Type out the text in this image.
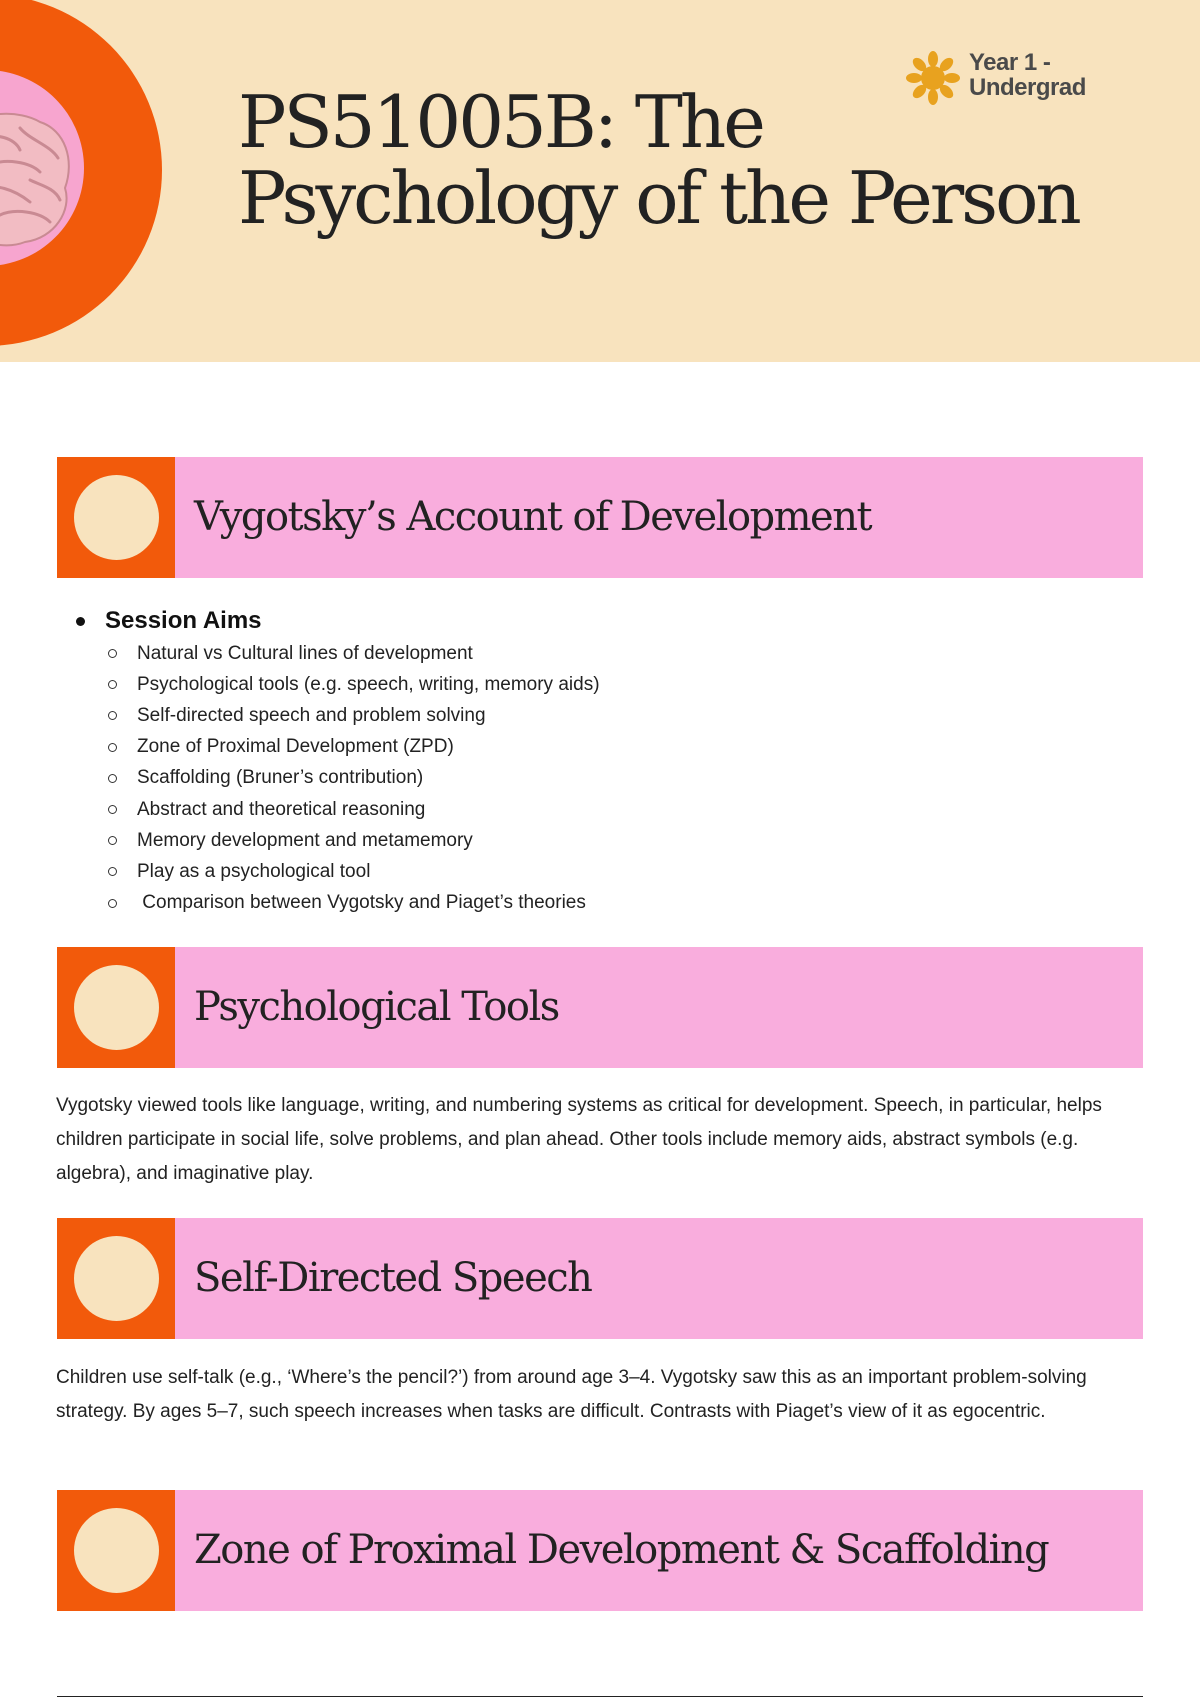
PS51005B: The Psychology of the Person
Year 1 - Undergrad
Vygotsky’s Account of Development
Session Aims
Natural vs Cultural lines of development
Psychological tools (e.g. speech, writing, memory aids)
Self-directed speech and problem solving
Zone of Proximal Development (ZPD)
Scaffolding (Bruner’s contribution)
Abstract and theoretical reasoning
Memory development and metamemory
Play as a psychological tool
Comparison between Vygotsky and Piaget’s theories
Psychological Tools

Vygotsky viewed tools like language, writing, and numbering systems as critical for development. Speech, in particular, helps children participate in social life, solve problems, and plan ahead. Other tools include memory aids, abstract symbols (e.g. algebra), and imaginative play.

Self-Directed Speech

Children use self-talk (e.g., ‘Where’s the pencil?’) from around age 3–4. Vygotsky saw this as an important problem-solving strategy. By ages 5–7, such speech increases when tasks are difficult. Contrasts with Piaget’s view of it as egocentric.

Zone of Proximal Development & Scaffolding
